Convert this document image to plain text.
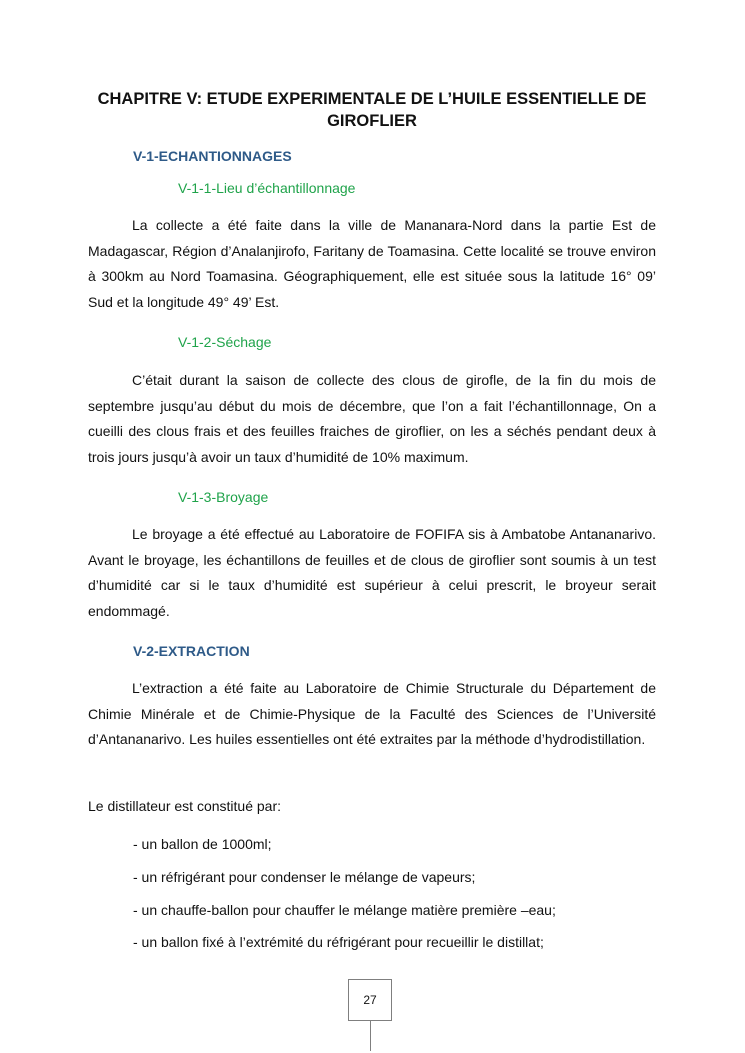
CHAPITRE V: ETUDE EXPERIMENTALE DE L’HUILE ESSENTIELLE DE GIROFLIER
V-1-ECHANTIONNAGES
V-1-1-Lieu d’échantillonnage

La collecte a été faite dans la ville de Mananara-Nord dans la partie Est de Madagascar, Région d’Analanjirofo, Faritany de Toamasina. Cette localité se trouve environ à 300km au Nord Toamasina. Géographiquement, elle est située sous la latitude 16° 09’ Sud et la longitude 49° 49’ Est.

V-1-2-Séchage

C’était durant la saison de collecte des clous de girofle, de la fin du mois de septembre jusqu’au début du mois de décembre, que l’on a fait l’échantillonnage, On a cueilli des clous frais et des feuilles fraiches de giroflier, on les a séchés pendant deux à trois jours jusqu’à avoir un taux d’humidité de 10% maximum.

V-1-3-Broyage

Le broyage a été effectué au Laboratoire de FOFIFA sis à Ambatobe Antananarivo. Avant le broyage, les échantillons de feuilles et de clous de giroflier sont soumis à un test d’humidité car si le taux d’humidité est supérieur à celui prescrit, le broyeur serait endommagé.

V-2-EXTRACTION

L’extraction a été faite au Laboratoire de Chimie Structurale du Département de Chimie Minérale et de Chimie-Physique de la Faculté des Sciences de l’Université d’Antananarivo. Les huiles essentielles ont été extraites par la méthode d’hydrodistillation.

Le distillateur est constitué par:
- un ballon de 1000ml;
- un réfrigérant pour condenser le mélange de vapeurs;
- un chauffe-ballon pour chauffer le mélange matière première –eau;
- un ballon fixé à l’extrémité du réfrigérant pour recueillir le distillat;
27
